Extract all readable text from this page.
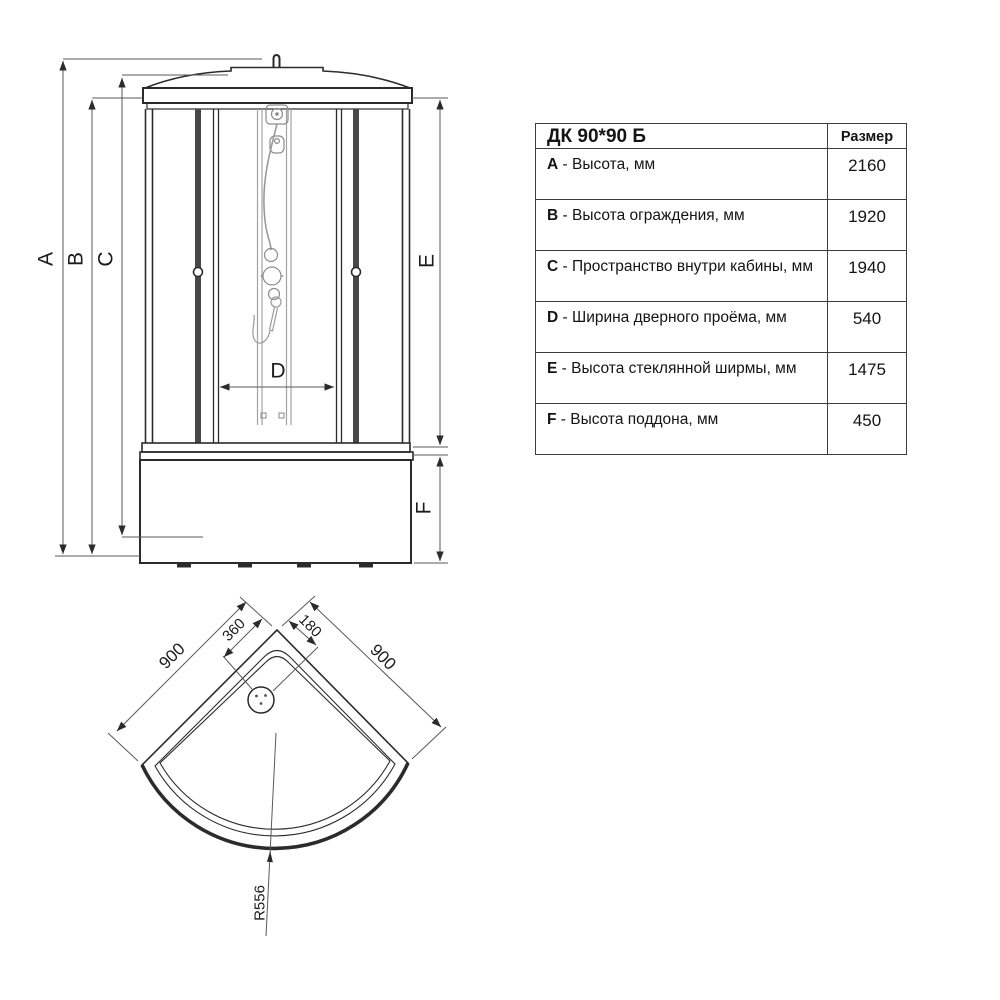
A B C
D
E
F
900
360	180
900
R556
ДК 90*90 Б	Размер
A - Высота, мм	2160
B - Высота ограждения, мм	1920
C - Пространство внутри кабины, мм	1940
D - Ширина дверного проёма, мм	540
E - Высота стеклянной ширмы, мм	1475
F - Высота поддона, мм	450
